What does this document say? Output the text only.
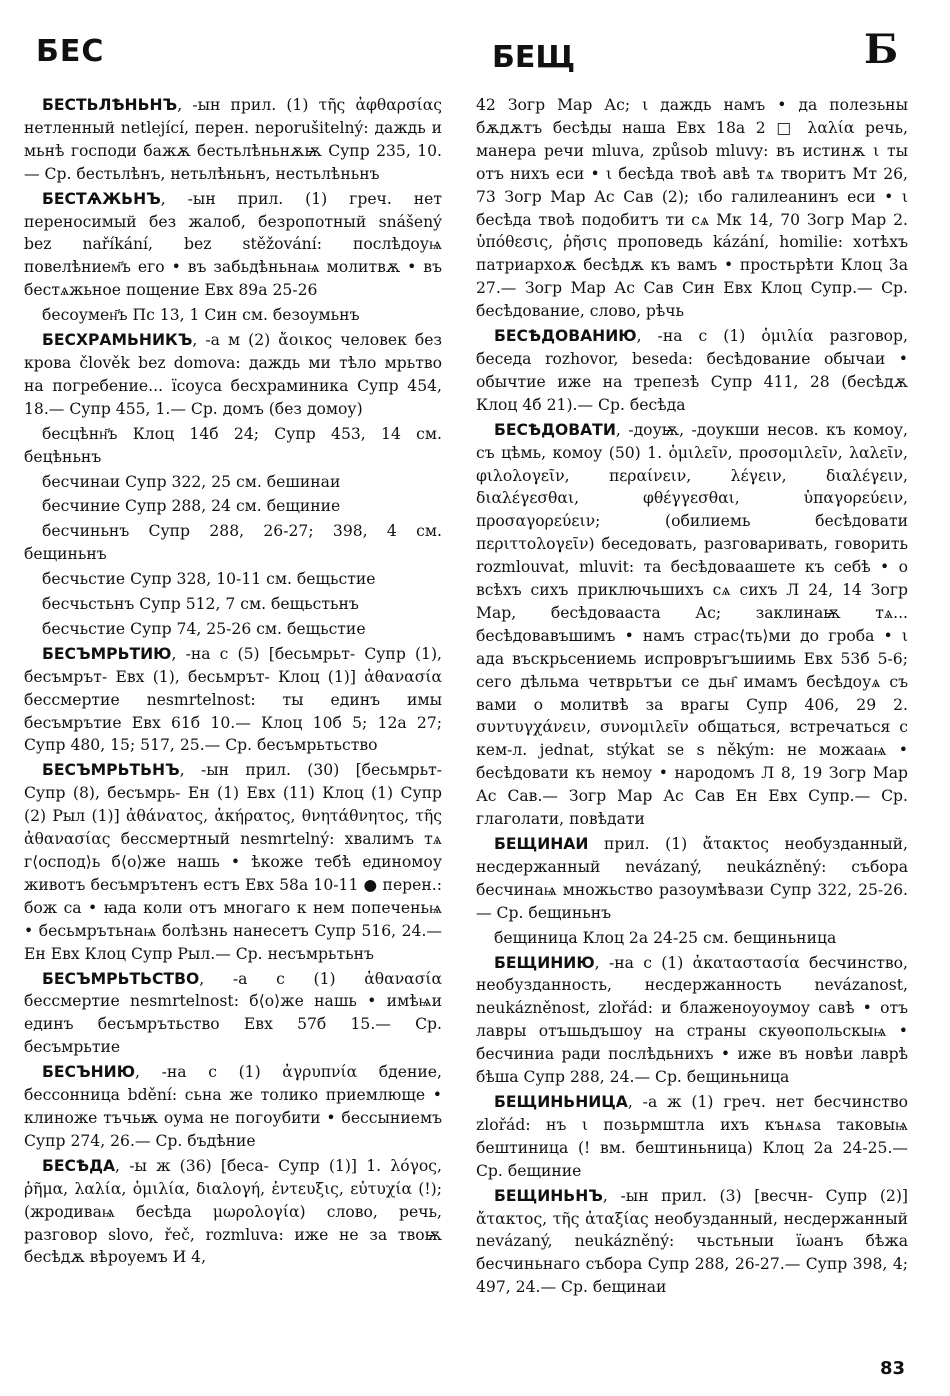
БЕС	БЕЩ	Б

БЕСТЬЛѢНЬНЪ, -ын прил. (1) τῆς ἀφθαρσίας нетленный netlející, перен. neporušitelný: даждь и мьнѣ господи бажѫ бестьлѣньнѫѭ Супр 235, 10.— Ср. бестьлѣнъ, нетьлѣньнъ, нестьлѣньнъ

БЕСТѦЖЬНЪ, -ын прил. (1) греч. нет переносимый без жалоб, безропотный snášený bez naříkání, bez stěžování: послѣдоуѩ повелѣнием҃ъ его • въ забьдѣньнаѩ молитвѫ • въ бестѧжьное пощение Евх 89а 25-26

бесоумен҃ъ Пс 13, 1 Син см. безоумьнъ

БЕСХРАМЬНИКЪ, -а м (2) ἄοικος человек без крова člověk bez domova: даждь ми тѣло мрьтво на погребение... їсоуса бесхраминика Супр 454, 18.— Супр 455, 1.— Ср. домъ (без домоу)

бесцѣнн҃ъ Клоц 14б 24; Супр 453, 14 см. бецѣньнъ

бесчинаи Супр 322, 25 см. бешинаи

бесчиние Супр 288, 24 см. бещиние

бесчиньнъ Супр 288, 26-27; 398, 4 см. бещиньнъ

бесчьстие Супр 328, 10-11 см. бещьстие

бесчьстьнъ Супр 512, 7 см. бещьстьнъ

бесчьстие Супр 74, 25-26 см. бещьстие

БЕСЪМРЬТИЮ, -на с (5) [бесьмрьт- Супр (1), бесъмрът- Евх (1), бесьмрът- Клоц (1)] ἀθανασία бессмертие nesmrtelnost: ты единъ имы бесъмрътие Евх 61б 10.— Клоц 10б 5; 12а 27; Супр 480, 15; 517, 25.— Ср. бесъмрьтьство

БЕСЪМРЬТЬНЪ, -ын прил. (30) [бесьмрьт- Супр (8), бесъмрь- Ен (1) Евх (11) Клоц (1) Супр (2) Рыл (1)] ἀθάνατος, ἀκήρατος, θνητάθνητος, τῆς ἀθανασίας бессмертный nesmrtelný: хвалимъ тѧ г⟨оспод⟩ь б⟨о⟩же нашь • ѣкоже тебѣ единомоу животъ бесъмрътенъ естъ Евх 58а 10-11 ● перен.: бож са • ꙗда коли отъ многаго к нем попеченьѩ • бесьмрътьнаѩ болѣзнь нанесетъ Супр 516, 24.— Ен Евх Клоц Супр Рыл.— Ср. несъмрьтьнъ

БЕСЪМРЬТЬСТВО, -а с (1) ἀθανασία бессмертие nesmrtelnost: б⟨о⟩же нашь • имѣѩи единъ бесъмрътьство Евх 57б 15.— Ср. бесъмрьтие

БЕСЪНИЮ, -на с (1) ἀγρυπνία бдение, бессонница bdění: сьна же толико приемлюще • клиноже тъчьѭ оума не погоубити • бессыниемъ Супр 274, 26.— Ср. бъдѣние

БЕСѢДА, -ы ж (36) [беса- Супр (1)] 1. λόγος, ῥῆμα, λαλία, ὁμιλία, διαλογή, ἐντευξις, εὐτυχία (!); (жродиваѩ бесѣда μωρολογία) слово, речь, разговор slovo, řeč, rozmluva: иже не за твоѭ бесѣдѫ вѣроуемъ И 4,

42 Зогр Мар Ас; ι даждь намъ • да полезьны бѫдѫтъ бесѣды наша Евх 18а 2 □ λαλία речь, манера речи mluva, způsob mluvy: въ истинѫ ι ты отъ нихъ еси • ι бесѣда твоѣ авѣ тѧ творитъ Мт 26, 73 Зогр Мар Ас Сав (2); ιбо галилеанинъ еси • ι бесѣда твоѣ подобитъ ти сѧ Мк 14, 70 Зогр Мар 2. ὑπόθεσις, ῥῆσις проповедь kázání, homilie: хотѣхъ патриархоѫ бесѣдѫ къ вамъ • простьрѣти Клоц 3а 27.— Зогр Мар Ас Сав Син Евх Клоц Супр.— Ср. бесѣдование, слово, рѣчь

БЕСѢДОВАНИЮ, -на с (1) ὁμιλία разговор, беседа rozhovor, beseda: бесѣдование обычаи • обычтие иже на трепезѣ Супр 411, 28 (бесѣдѫ Клоц 4б 21).— Ср. бесѣда

БЕСѢДОВАТИ, -доуѭ, -доукши несов. къ комоу, съ цѣмь, комоу (50) 1. ὁμιλεῖν, προσομιλεῖν, λαλεῖν, φιλολογεῖν, περαίνειν, λέγειν, διαλέγειν, διαλέγεσθαι, φθέγγεσθαι, ὑπαγορεύειν, προσαγορεύειν; (обилиемь бесѣдовати περιττολογεῖν) беседовать, разговаривать, говорить rozmlouvat, mluvit: та бесѣдоваашете къ себѣ • о всѣхъ сихъ приключьшихъ сѧ сихъ Л 24, 14 Зогр Мар, бесѣдовааста Ас; заклинаѭ тѧ... бесѣдовавъшимъ • намъ страс⟨ть⟩ми до гроба • ι ада въскрьсениемь испровръгъшиимь Евх 53б 5-6; сего дѣльма четврьтъи се дьн҄ имамъ бесѣдоуѧ съ вами о молитвѣ за врагы Супр 406, 29 2. συντυγχάνειν, συνομιλεῖν общаться, встречаться с кем-л. jednat, stýkat se s někým: не можааѩ • бесѣдовати къ немоу • народомъ Л 8, 19 Зогр Мар Ас Сав.— Зогр Мар Ас Сав Ен Евх Супр.— Ср. глаголати, повѣдати

БЕЩИНАИ прил. (1) ἄτακτος необузданный, несдержанный nevázaný, neukázněný: събора бесчинаѩ множьство разоумѣвази Супр 322, 25-26.— Ср. бещиньнъ

бещиница Клоц 2а 24-25 см. бещиньница

БЕЩИНИЮ, -на с (1) ἀκαταστασία бесчинство, необузданность, несдержанность nevázanost, neukázněnost, zlořád: и блаженоуоумоу савѣ • отъ лавры отъшьдъшоу на страны скуѳопольскыѩ • бесчиниа ради послѣдьнихъ • иже въ новѣи лаврѣ бѣша Супр 288, 24.— Ср. бещиньница

БЕЩИНЬНИЦА, -а ж (1) греч. нет бесчинство zlořád: нъ ι позьрмштла ихъ кънѧѕа таковыѩ бештиница (! вм. бештиньница) Клоц 2а 24-25.— Ср. бещиние

БЕЩИНЬНЪ, -ын прил. (3) [весчн- Супр (2)] ἄτακτος, τῆς ἀταξίας необузданный, несдержанный nevázaný, neukázněný: чьстьныи їωанъ бѣжа бесчиньнаго събора Супр 288, 26-27.— Супр 398, 4; 497, 24.— Ср. бещинаи

83
